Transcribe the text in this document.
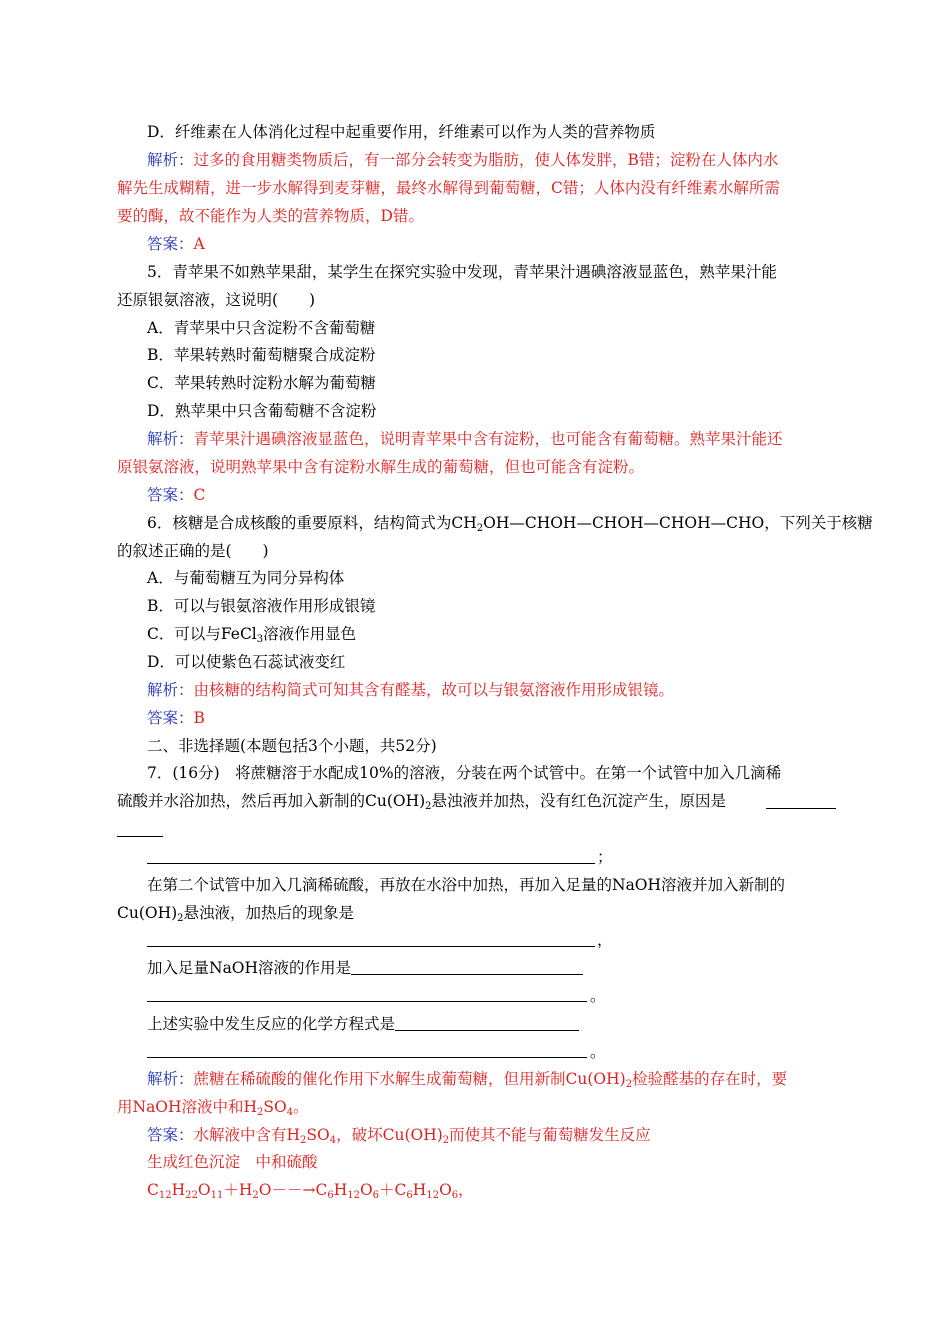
D．纤维素在人体消化过程中起重要作用，纤维素可以作为人类的营养物质
解析：过多的食用糖类物质后，有一部分会转变为脂肪，使人体发胖，B错；淀粉在人体内水
解先生成糊精，进一步水解得到麦芽糖，最终水解得到葡萄糖，C错；人体内没有纤维素水解所需
要的酶，故不能作为人类的营养物质，D错。
答案：A
5．青苹果不如熟苹果甜，某学生在探究实验中发现，青苹果汁遇碘溶液显蓝色，熟苹果汁能
还原银氨溶液，这说明(　　)
A．青苹果中只含淀粉不含葡萄糖
B．苹果转熟时葡萄糖聚合成淀粉
C．苹果转熟时淀粉水解为葡萄糖
D．熟苹果中只含葡萄糖不含淀粉
解析：青苹果汁遇碘溶液显蓝色，说明青苹果中含有淀粉，也可能含有葡萄糖。熟苹果汁能还
原银氨溶液，说明熟苹果中含有淀粉水解生成的葡萄糖，但也可能含有淀粉。
答案：C
6．核糖是合成核酸的重要原料，结构简式为$CH_2OH—CHOH—CHOH—CHOH—CHO$，下列关于核糖
的叙述正确的是(　　)
A．与葡萄糖互为同分异构体
B．可以与银氨溶液作用形成银镜
C．可以与FeCl$_3$溶液作用显色
D．可以使紫色石蕊试液变红
解析：由核糖的结构简式可知其含有醛基，故可以与银氨溶液作用形成银镜。
答案：B
二、非选择题(本题包括3个小题，共52分)
7．(16分)　将蔗糖溶于水配成10%的溶液，分装在两个试管中。在第一个试管中加入几滴稀
硫酸并水浴加热，然后再加入新制的$Cu(OH)_2$悬浊液并加热，没有红色沉淀产生，原因是
；
在第二个试管中加入几滴稀硫酸，再放在水浴中加热，再加入足量的NaOH溶液并加入新制的
$Cu(OH)_2$悬浊液，加热后的现象是
，
加入足量NaOH溶液的作用是
。
上述实验中发生反应的化学方程式是
。
解析：蔗糖在稀硫酸的催化作用下水解生成葡萄糖，但用新制$Cu(OH)_2$检验醛基的存在时，要
用NaOH溶液中和$H_2SO_4$。
答案：水解液中含有$H_2SO_4$，破坏$Cu(OH)_2$而使其不能与葡萄糖发生反应
生成红色沉淀　中和硫酸
$C_{12}H_{22}O_{11}+H_2O--\to C_6H_{12}O_6+C_6H_{12}O_6$，
